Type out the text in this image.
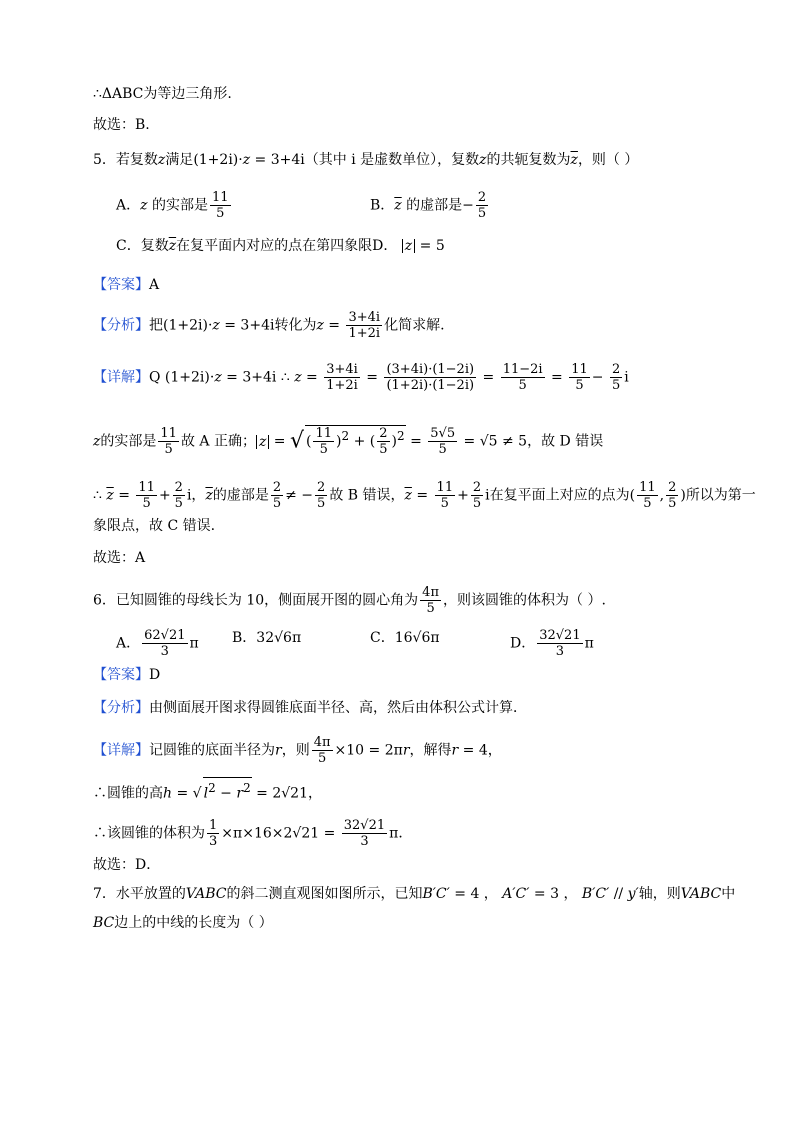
∴ΔABC为等边三角形.
故选：B.
5．若复数z满足(1+2i)·z = 3+4i（其中 i 是虚数单位），复数z的共轭复数为$\overline{z}$，则（ ）
A．z 的实部是 $\frac{11}{5}$	B．$\overline{z}$ 的虚部是− $\frac{2}{5}$
C．复数$\overline{z}$在复平面内对应的点在第四象限D． z = 5
【答案】A
【分析】把(1+2i)·z = 3+4i转化为$z = \frac{3+4i}{1+2i}$ 化简求解.
【详解】Q (1+2i)·z = 3+4i ∴ $z = \frac{3+4i}{1+2i} = \frac{(3+4i)\cdot(1-2i)}{(1+2i)\cdot(1-2i)} = \frac{11-2i}{5} = \frac{11}{5} - \frac{2}{5}$ i
z的实部是 $\frac{11}{5}$ 故 A 正确； z = √ ( $\frac{11}{5} )^2$ + ( $\frac{2}{5} )^2 = \frac{5√5}{5} = √5 \ne 5$，故 D 错误
∴ $\overline{z} = \frac{11}{5} + \frac{2}{5}$ i，$\overline{z}$的虚部是 $\frac{2}{5}$ ≠ − $\frac{2}{5}$ 故 B 错误，$\overline{z} = \frac{11}{5} + \frac{2}{5}$ i在复平面上对应的点为( $\frac{11}{5}$ , $\frac{2}{5}$ )所以为第一
象限点，故 C 错误.
故选：A
6．已知圆锥的母线长为 10，侧面展开图的圆心角为 $\frac{4\pi}{5}$ ，则该圆锥的体积为（ ）.
A． $\frac{62√21}{3}$ π B．32√6π	C．16√6π	D． $\frac{32√21}{3}$ π
【答案】D
【分析】由侧面展开图求得圆锥底面半径、高，然后由体积公式计算．
【详解】记圆锥的底面半径为r，则 $\frac{4\pi}{5} \times 10 = 2\pi r$，解得r = 4，
∴圆锥的高h = √ $l^2 - r^2 = 2√21$，
∴该圆锥的体积为 $\frac{1}{3} \times\pi\times 16\times 2√21 = \frac{32√21}{3}$ π．
故选：D．
7．水平放置的VABC的斜二测直观图如图所示，已知B′C′ = 4 ， A′C′ = 3 ， B′C′ // y′轴，则VABC中
BC边上的中线的长度为（ ）
